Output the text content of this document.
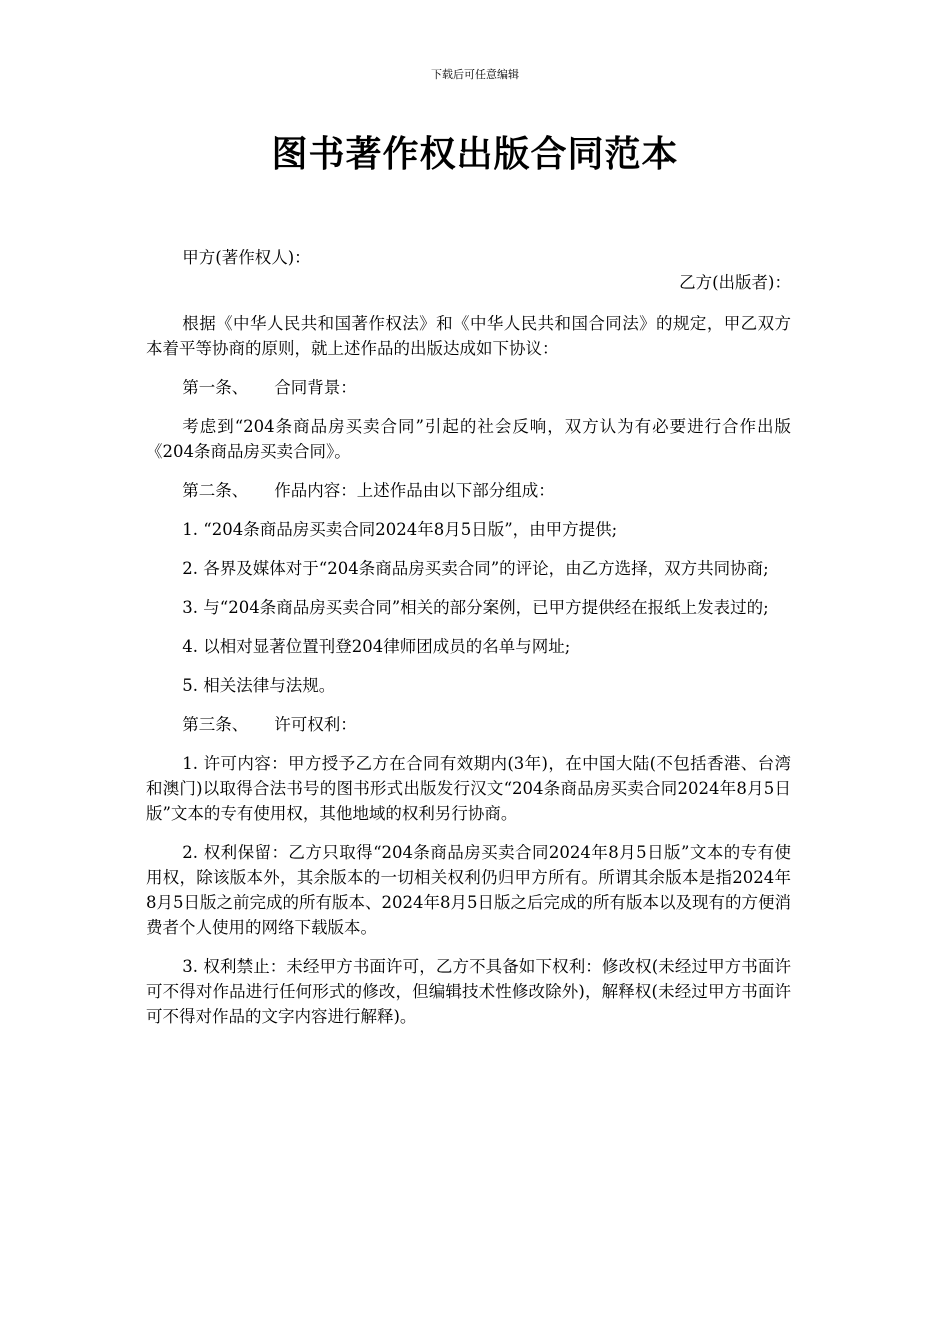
下载后可任意编辑
图书著作权出版合同范本

甲方(著作权人)：

乙方(出版者)：

根据《中华人民共和国著作权法》和《中华人民共和国合同法》的规定，甲乙双方本着平等协商的原则，就上述作品的出版达成如下协议：

第一条、 合同背景：

考虑到“204条商品房买卖合同”引起的社会反响，双方认为有必要进行合作出版《204条商品房买卖合同》。

第二条、 作品内容：上述作品由以下部分组成：

1. “204条商品房买卖合同2024年8月5日版”，由甲方提供;

2. 各界及媒体对于“204条商品房买卖合同”的评论，由乙方选择，双方共同协商;

3. 与“204条商品房买卖合同”相关的部分案例，已甲方提供经在报纸上发表过的;

4. 以相对显著位置刊登204律师团成员的名单与网址;

5. 相关法律与法规。

第三条、 许可权利：

1. 许可内容：甲方授予乙方在合同有效期内(3年)，在中国大陆(不包括香港、台湾和澳门)以取得合法书号的图书形式出版发行汉文“204条商品房买卖合同2024年8月5日版”文本的专有使用权，其他地域的权利另行协商。

2. 权利保留：乙方只取得“204条商品房买卖合同2024年8月5日版”文本的专有使用权，除该版本外，其余版本的一切相关权利仍归甲方所有。所谓其余版本是指2024年8月5日版之前完成的所有版本、2024年8月5日版之后完成的所有版本以及现有的方便消费者个人使用的网络下载版本。

3. 权利禁止：未经甲方书面许可，乙方不具备如下权利：修改权(未经过甲方书面许可不得对作品进行任何形式的修改，但编辑技术性修改除外)，解释权(未经过甲方书面许可不得对作品的文字内容进行解释)。
